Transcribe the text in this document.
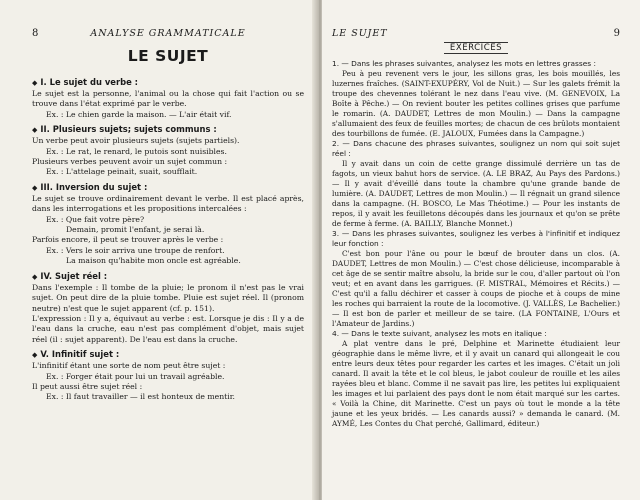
8	ANALYSE GRAMMATICALE
LE SUJET
◆ I. Le sujet du verbe :

Le sujet est la personne, l'animal ou la chose qui fait l'action ou se trouve dans l'état exprimé par le verbe.

Ex. : Le chien garde la maison. — L'air était vif.

◆ II. Plusieurs sujets; sujets communs :

Un verbe peut avoir plusieurs sujets (sujets partiels).

Ex. : Le rat, le renard, le putois sont nuisibles.

Plusieurs verbes peuvent avoir un sujet commun :

Ex. : L'attelage peinait, suait, soufflait.

◆ III. Inversion du sujet :

Le sujet se trouve ordinairement devant le verbe. Il est placé après, dans les interrogations et les propositions intercalées :

Ex. : Que fait votre père?

Demain, promit l'enfant, je serai là.

Parfois encore, il peut se trouver après le verbe :

Ex. : Vers le soir arriva une troupe de renfort.

La maison qu'habite mon oncle est agréable.

◆ IV. Sujet réel :

Dans l'exemple : Il tombe de la pluie; le pronom il n'est pas le vrai sujet. On peut dire de la pluie tombe. Pluie est sujet réel. Il (pronom neutre) n'est que le sujet apparent (cf. p. 151).

L'expression : Il y a, équivaut au verbe : est. Lorsque je dis : Il y a de l'eau dans la cruche, eau n'est pas complément d'objet, mais sujet réel (il : sujet apparent). De l'eau est dans la cruche.

◆ V. Infinitif sujet :

L'infinitif étant une sorte de nom peut être sujet :

Ex. : Forger était pour lui un travail agréable.

Il peut aussi être sujet réel :

Ex. : Il faut travailler — il est honteux de mentir.

LE SUJET	9
EXERCICES

1. — Dans les phrases suivantes, analysez les mots en lettres grasses :

Peu à peu revenent vers le jour, les sillons gras, les bois mouillés, les luzernes fraîches. (SAINT-EXUPÉRY, Vol de Nuit.) — Sur les galets frémit la troupe des chevennes tolérant le nez dans l'eau vive. (M. GENEVOIX, La Boîte à Pêche.) — On revient bouter les petites collines grises que parfume le romarin. (A. DAUDET, Lettres de mon Moulin.) — Dans la campagne s'allumaient des feux de feuilles mortes; de chacun de ces brûlots montaient des tourbillons de fumée. (E. JALOUX, Fumées dans la Campagne.)

2. — Dans chacune des phrases suivantes, soulignez un nom qui soit sujet réel :

Il y avait dans un coin de cette grange dissimulé derrière un tas de fagots, un vieux bahut hors de service. (A. LE BRAZ, Au Pays des Pardons.) — Il y avait d'éveillé dans toute la chambre qu'une grande bande de lumière. (A. DAUDET, Lettres de mon Moulin.) — Il régnait un grand silence dans la campagne. (H. BOSCO, Le Mas Théotime.) — Pour les instants de repos, il y avait les feuilletons découpés dans les journaux et qu'on se prête de ferme à ferme. (A. BAILLY, Blanche Monnet.)

3. — Dans les phrases suivantes, soulignez les verbes à l'infinitif et indiquez leur fonction :

C'est bon pour l'âne ou pour le bœuf de brouter dans un clos. (A. DAUDET, Lettres de mon Moulin.) — C'est chose délicieuse, incomparable à cet âge de se sentir maître absolu, la bride sur le cou, d'aller partout où l'on veut; et en avant dans les garrigues. (F. MISTRAL, Mémoires et Récits.) — C'est qu'il a fallu déchirer et casser à coups de pioche et à coups de mine les roches qui barraient la route de la locomotive. (J. VALLÈS, Le Bachelier.) — Il est bon de parler et meilleur de se taire. (LA FONTAINE, L'Ours et l'Amateur de Jardins.)

4. — Dans le texte suivant, analysez les mots en italique :

A plat ventre dans le pré, Delphine et Marinette étudiaient leur géographie dans le même livre, et il y avait un canard qui allongeait le cou entre leurs deux têtes pour regarder les cartes et les images. C'était un joli canard. Il avait la tête et le col bleus, le jabot couleur de rouille et les ailes rayées bleu et blanc. Comme il ne savait pas lire, les petites lui expliquaient les images et lui parlaient des pays dont le nom était marqué sur les cartes. « Voilà la Chine, dit Marinette. C'est un pays où tout le monde a la tête jaune et les yeux bridés. — Les canards aussi? » demanda le canard. (M. AYMÉ, Les Contes du Chat perché, Gallimard, éditeur.)
